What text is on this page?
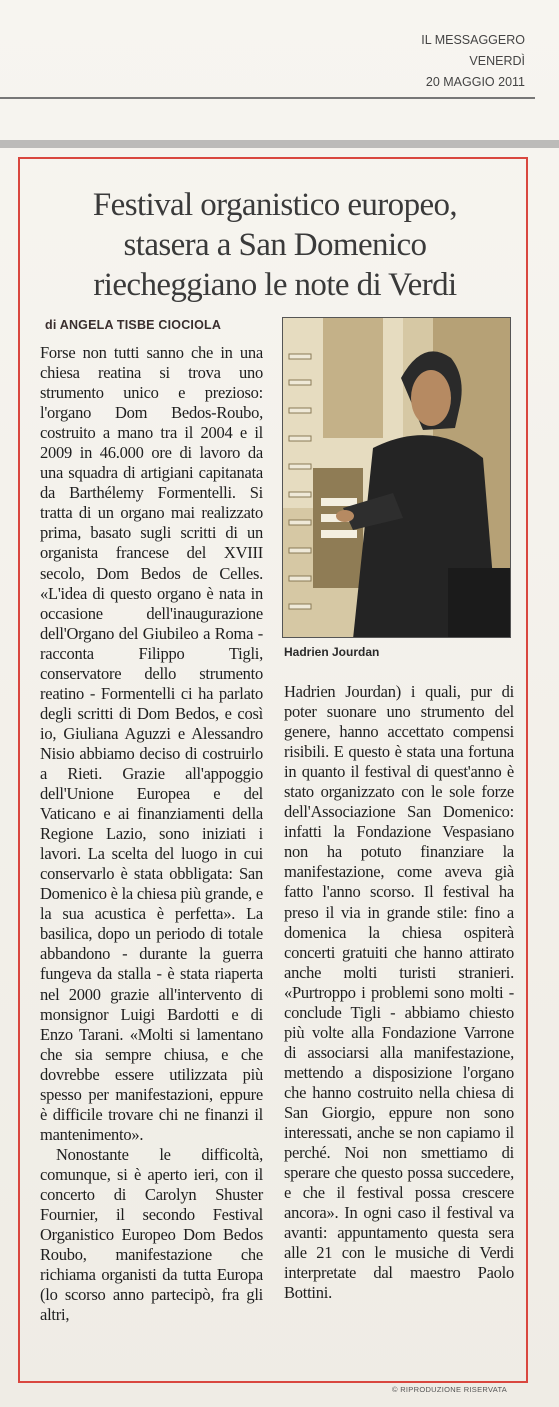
IL MESSAGGERO
VENERDÌ
20 MAGGIO 2011
Festival organistico europeo,
stasera a San Domenico
riecheggiano le note di Verdi
di ANGELA TISBE CIOCIOLA

Forse non tutti sanno che in una chiesa reatina si trova uno strumento unico e prezioso: l'organo Dom Bedos-Roubo, costruito a mano tra il 2004 e il 2009 in 46.000 ore di lavoro da una squadra di artigiani capitanata da Barthélemy Formentelli. Si tratta di un organo mai realizzato prima, basato sugli scritti di un organista francese del XVIII secolo, Dom Bedos de Celles. «L'idea di questo organo è nata in occasione dell'inaugurazione dell'Organo del Giubileo a Roma - racconta Filippo Tigli, conservatore dello strumento reatino - Formentelli ci ha parlato degli scritti di Dom Bedos, e così io, Giuliana Aguzzi e Alessandro Nisio abbiamo deciso di costruirlo a Rieti. Grazie all'appoggio dell'Unione Europea e del Vaticano e ai finanziamenti della Regione Lazio, sono iniziati i lavori. La scelta del luogo in cui conservarlo è stata obbligata: San Domenico è la chiesa più grande, e la sua acustica è perfetta». La basilica, dopo un periodo di totale abbandono - durante la guerra fungeva da stalla - è stata riaperta nel 2000 grazie all'intervento di monsignor Luigi Bardotti e di Enzo Tarani. «Molti si lamentano che sia sempre chiusa, e che dovrebbe essere utilizzata più spesso per manifestazioni, eppure è difficile trovare chi ne finanzi il mantenimento».

Nonostante le difficoltà, comunque, si è aperto ieri, con il concerto di Carolyn Shuster Fournier, il secondo Festival Organistico Europeo Dom Bedos Roubo, manifestazione che richiama organisti da tutta Europa (lo scorso anno partecipò, fra gli altri,

Hadrien Jourdan

Hadrien Jourdan) i quali, pur di poter suonare uno strumento del genere, hanno accettato compensi risibili. E questo è stata una fortuna in quanto il festival di quest'anno è stato organizzato con le sole forze dell'Associazione San Domenico: infatti la Fondazione Vespasiano non ha potuto finanziare la manifestazione, come aveva già fatto l'anno scorso. Il festival ha preso il via in grande stile: fino a domenica la chiesa ospiterà concerti gratuiti che hanno attirato anche molti turisti stranieri. «Purtroppo i problemi sono molti - conclude Tigli - abbiamo chiesto più volte alla Fondazione Varrone di associarsi alla manifestazione, mettendo a disposizione l'organo che hanno costruito nella chiesa di San Giorgio, eppure non sono interessati, anche se non capiamo il perché. Noi non smettiamo di sperare che questo possa succedere, e che il festival possa crescere ancora». In ogni caso il festival va avanti: appuntamento questa sera alle 21 con le musiche di Verdi interpretate dal maestro Paolo Bottini.

© RIPRODUZIONE RISERVATA
